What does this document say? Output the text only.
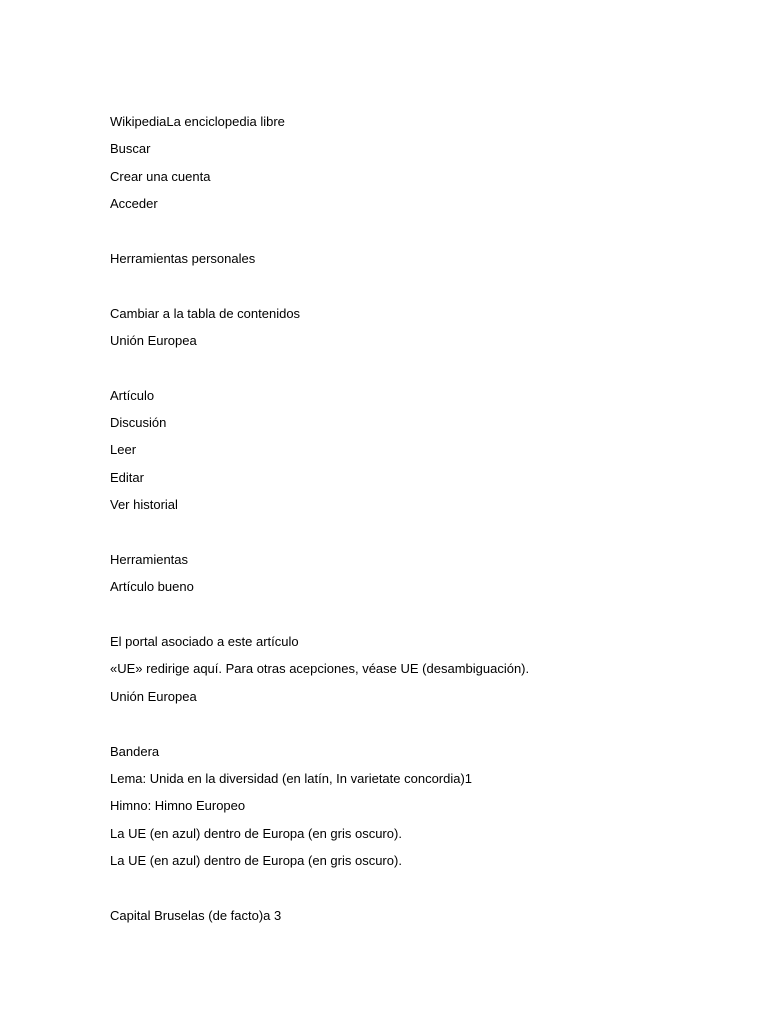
WikipediaLa enciclopedia libre
Buscar
Crear una cuenta
Acceder
Herramientas personales
Cambiar a la tabla de contenidos
Unión Europea
Artículo
Discusión
Leer
Editar
Ver historial
Herramientas
Artículo bueno
El portal asociado a este artículo
«UE» redirige aquí. Para otras acepciones, véase UE (desambiguación).
Unión Europea
Bandera
Lema: Unida en la diversidad (en latín, In varietate concordia)1
Himno: Himno Europeo
La UE (en azul) dentro de Europa (en gris oscuro).
La UE (en azul) dentro de Europa (en gris oscuro).
Capital Bruselas (de facto)a 3
